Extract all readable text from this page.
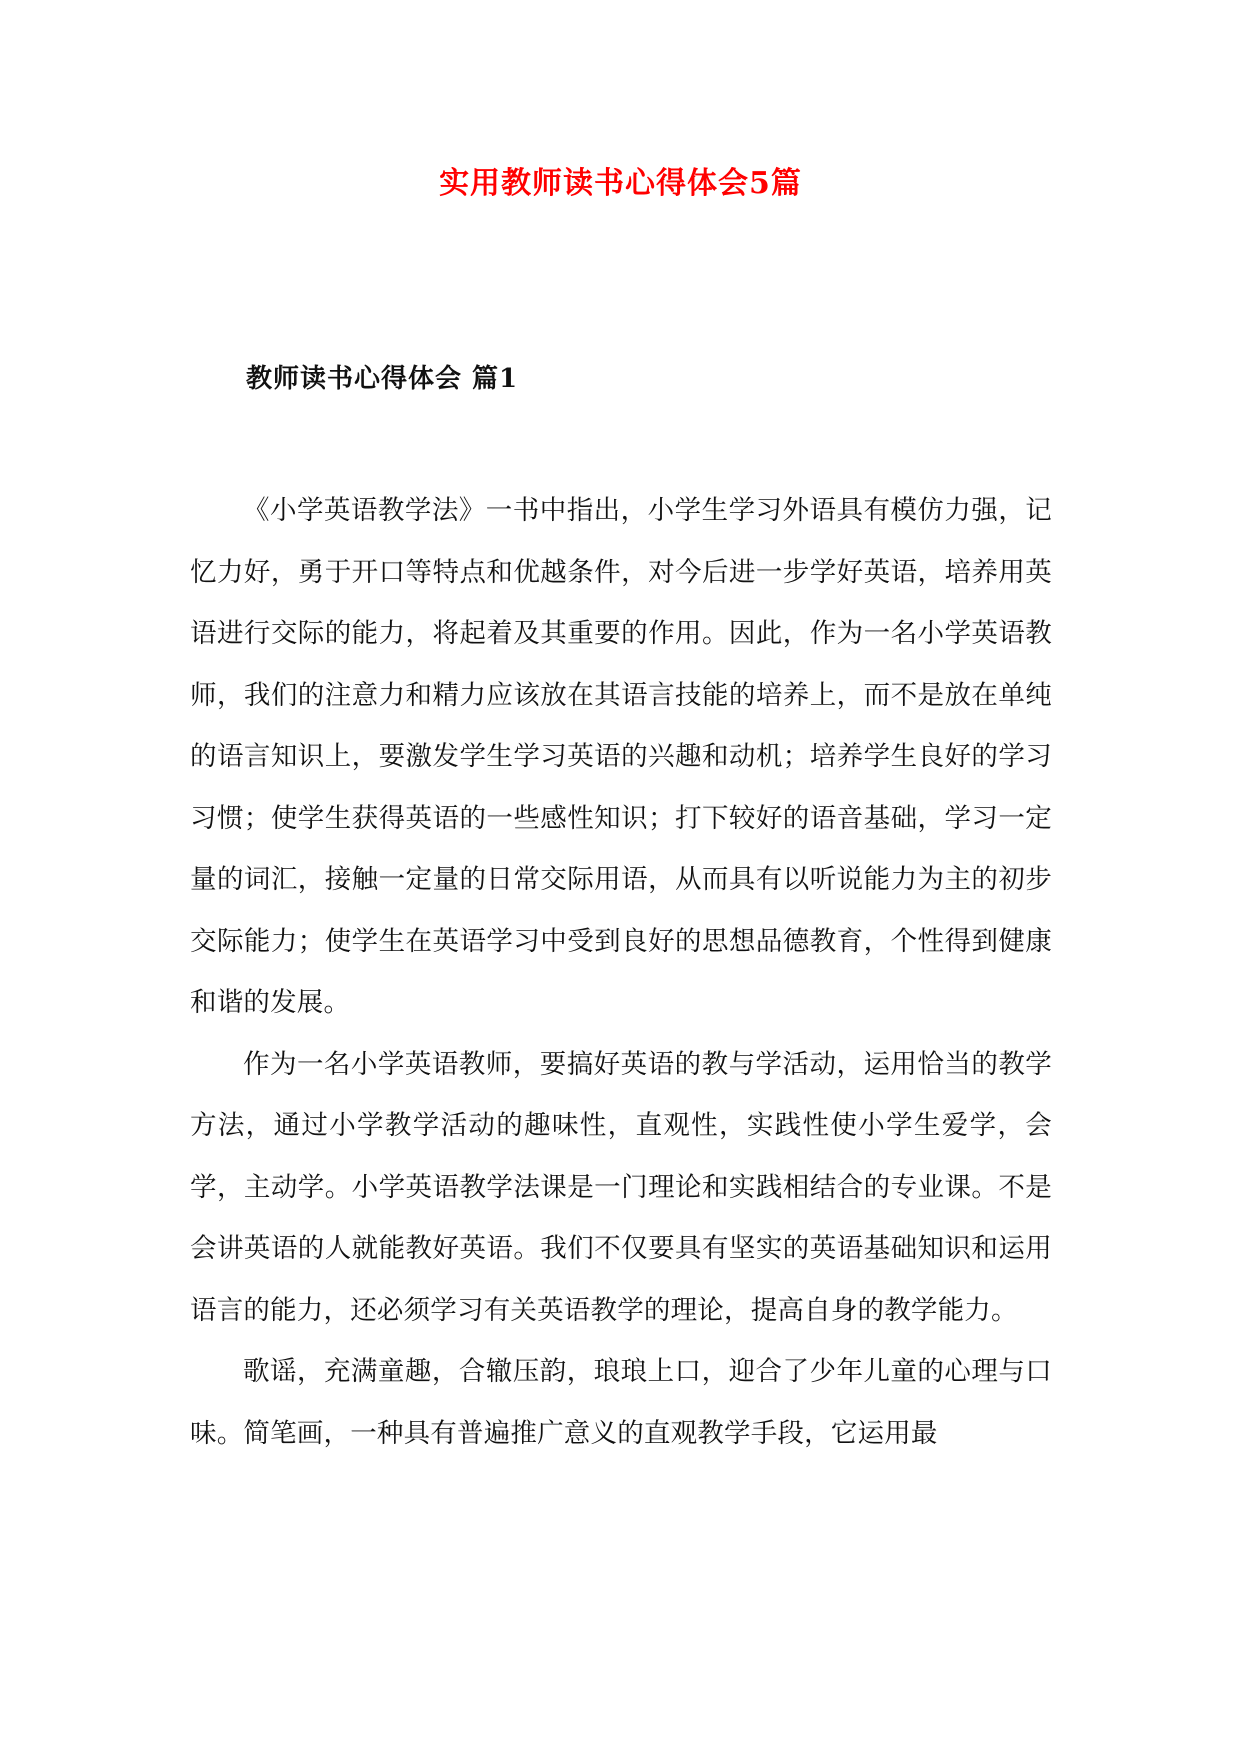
实用教师读书心得体会5篇
教师读书心得体会 篇1

《小学英语教学法》一书中指出，小学生学习外语具有模仿力强，记忆力好，勇于开口等特点和优越条件，对今后进一步学好英语，培养用英语进行交际的能力，将起着及其重要的作用。因此，作为一名小学英语教师，我们的注意力和精力应该放在其语言技能的培养上，而不是放在单纯的语言知识上，要激发学生学习英语的兴趣和动机；培养学生良好的学习习惯；使学生获得英语的一些感性知识；打下较好的语音基础，学习一定量的词汇，接触一定量的日常交际用语，从而具有以听说能力为主的初步交际能力；使学生在英语学习中受到良好的思想品德教育，个性得到健康和谐的发展。

作为一名小学英语教师，要搞好英语的教与学活动，运用恰当的教学方法，通过小学教学活动的趣味性，直观性，实践性使小学生爱学，会学，主动学。小学英语教学法课是一门理论和实践相结合的专业课。不是会讲英语的人就能教好英语。我们不仅要具有坚实的英语基础知识和运用语言的能力，还必须学习有关英语教学的理论，提高自身的教学能力。

歌谣，充满童趣，合辙压韵，琅琅上口，迎合了少年儿童的心理与口味。简笔画，一种具有普遍推广意义的直观教学手段，它运用最
